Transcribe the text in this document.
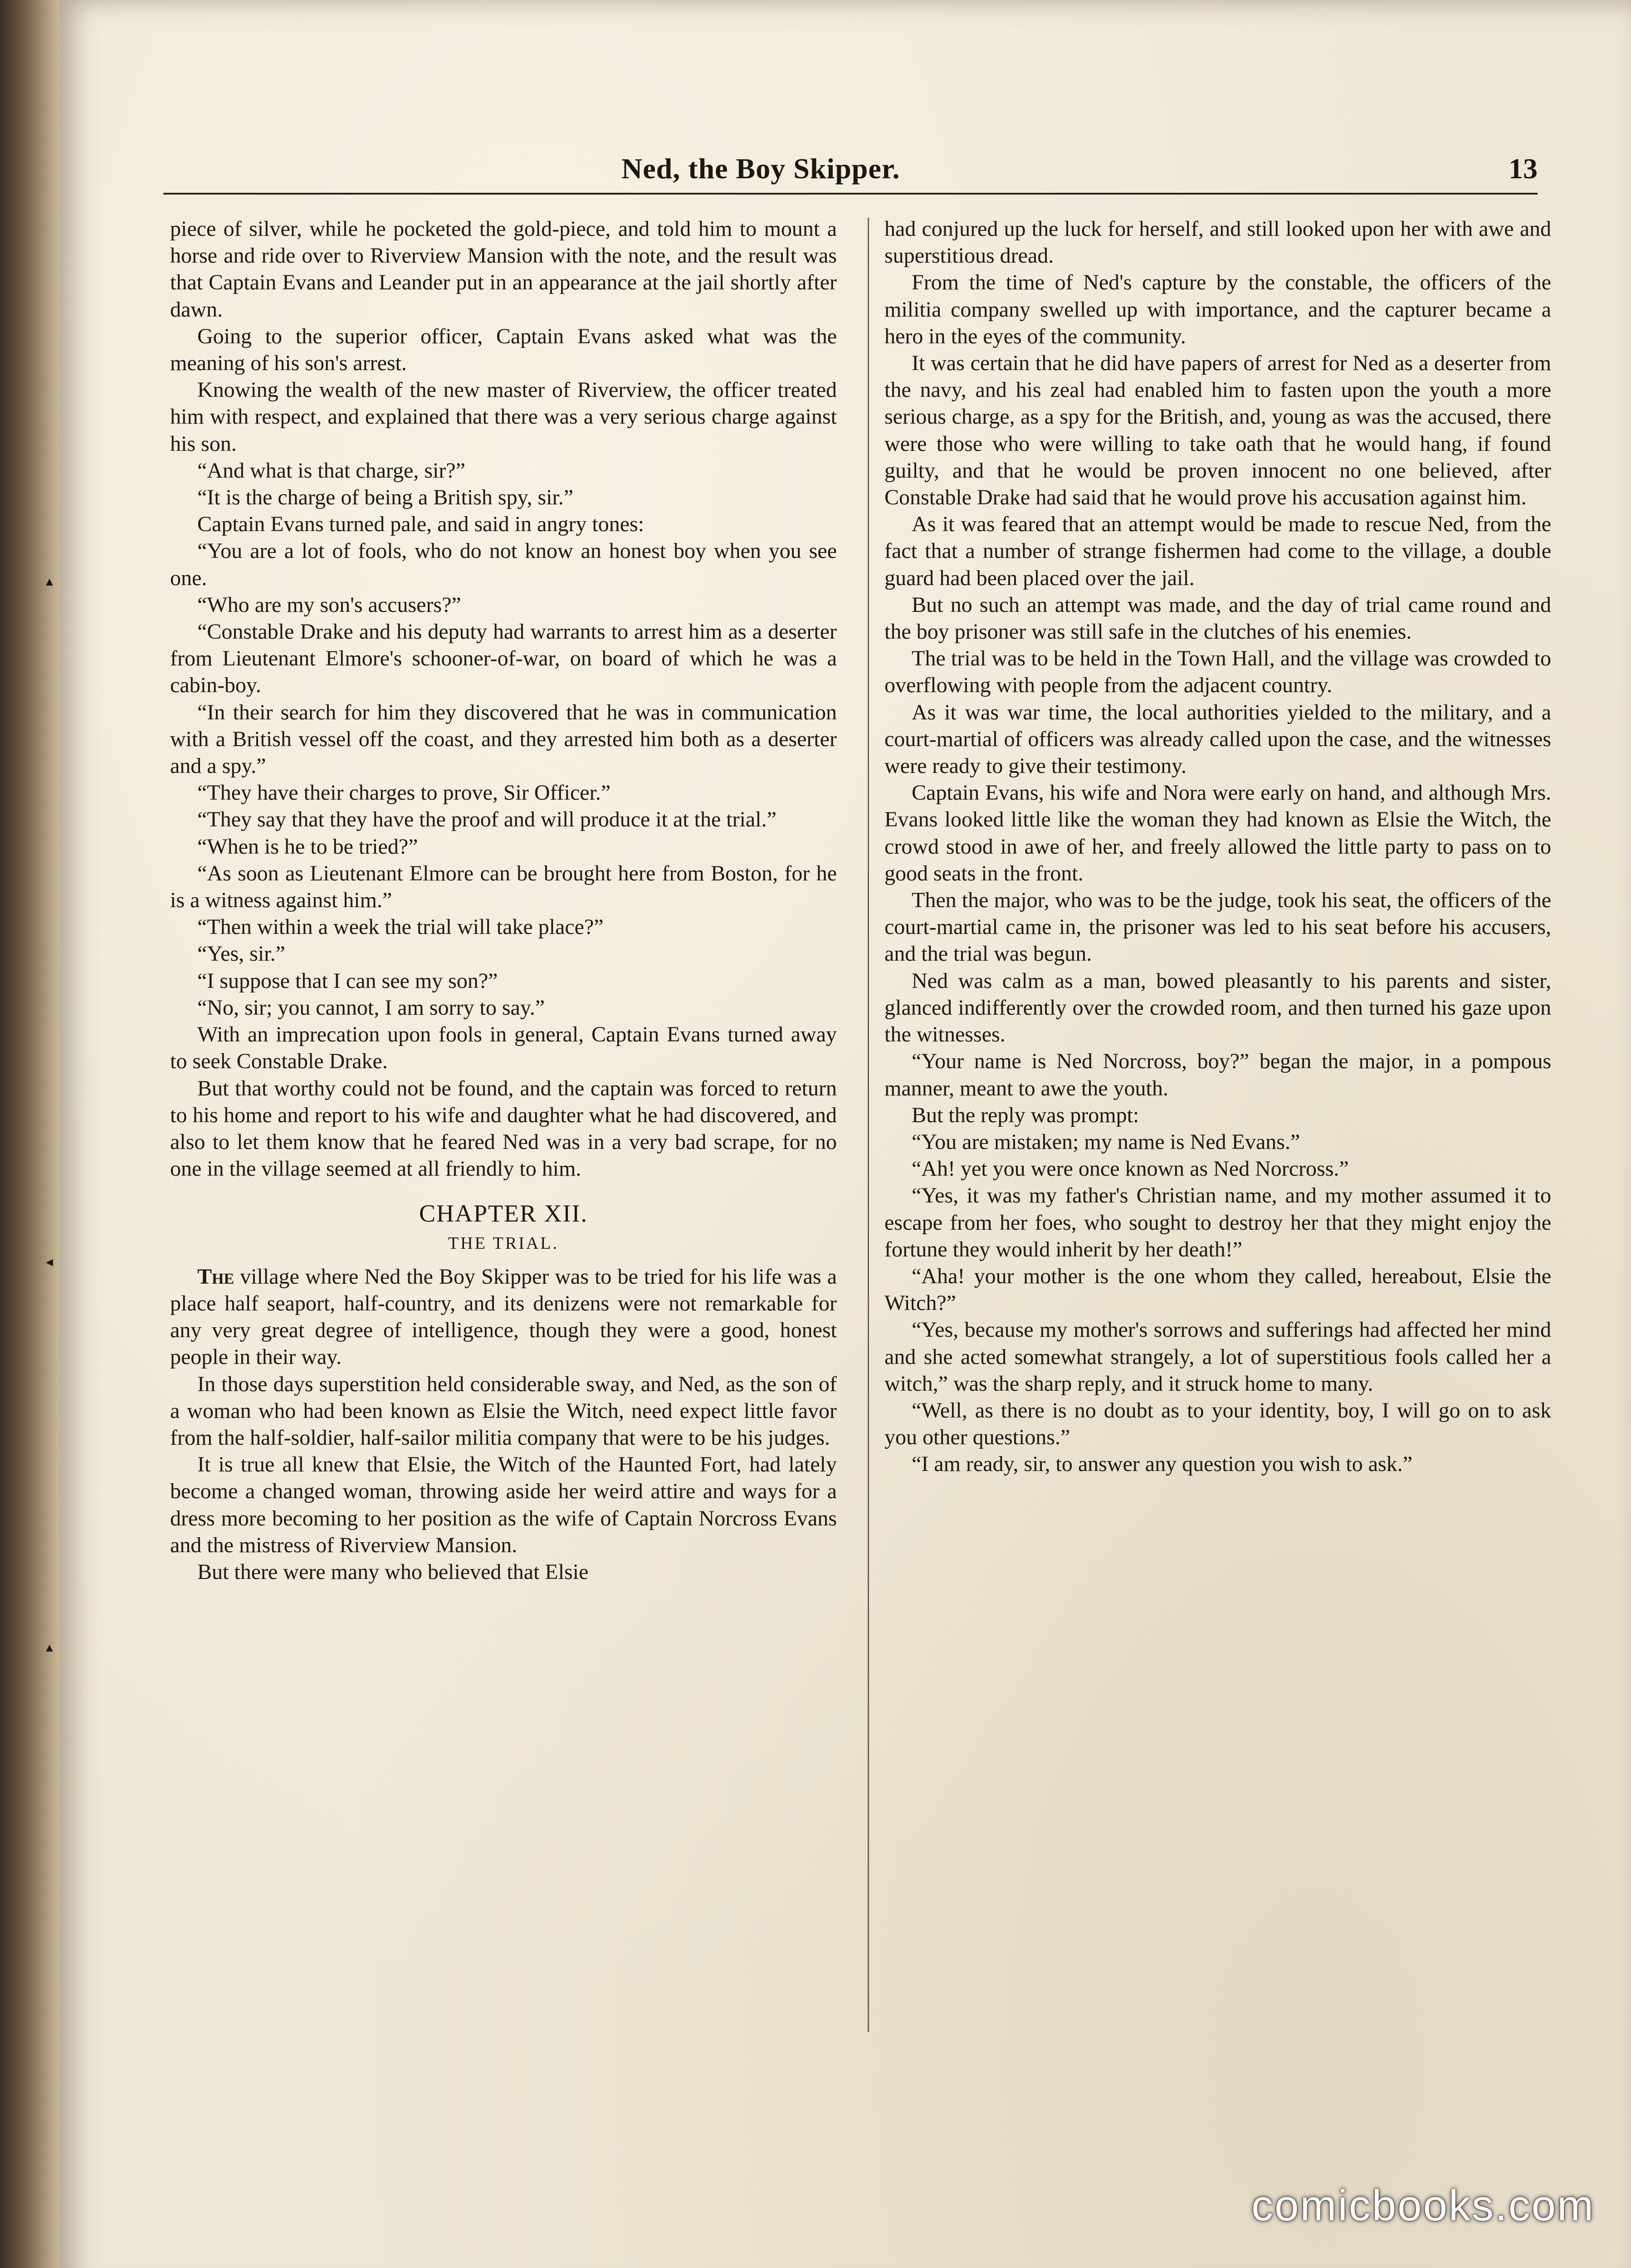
▲
◄
▲
Ned, the Boy Skipper.	13

piece of silver, while he pocketed the gold-piece, and told him to mount a horse and ride over to Riverview Mansion with the note, and the result was that Captain Evans and Leander put in an appearance at the jail shortly after dawn.

Going to the superior officer, Captain Evans asked what was the meaning of his son's arrest.

Knowing the wealth of the new master of Riverview, the officer treated him with respect, and explained that there was a very serious charge against his son.

“And what is that charge, sir?”

“It is the charge of being a British spy, sir.”

Captain Evans turned pale, and said in angry tones:

“You are a lot of fools, who do not know an honest boy when you see one.

“Who are my son's accusers?”

“Constable Drake and his deputy had warrants to arrest him as a deserter from Lieutenant Elmore's schooner-of-war, on board of which he was a cabin-boy.

“In their search for him they discovered that he was in communication with a British vessel off the coast, and they arrested him both as a deserter and a spy.”

“They have their charges to prove, Sir Officer.”

“They say that they have the proof and will produce it at the trial.”

“When is he to be tried?”

“As soon as Lieutenant Elmore can be brought here from Boston, for he is a witness against him.”

“Then within a week the trial will take place?”

“Yes, sir.”

“I suppose that I can see my son?”

“No, sir; you cannot, I am sorry to say.”

With an imprecation upon fools in general, Captain Evans turned away to seek Constable Drake.

But that worthy could not be found, and the captain was forced to return to his home and report to his wife and daughter what he had discovered, and also to let them know that he feared Ned was in a very bad scrape, for no one in the village seemed at all friendly to him.

CHAPTER XII.
THE TRIAL.

The village where Ned the Boy Skipper was to be tried for his life was a place half seaport, half-country, and its denizens were not remarkable for any very great degree of intelligence, though they were a good, honest people in their way.

In those days superstition held considerable sway, and Ned, as the son of a woman who had been known as Elsie the Witch, need expect little favor from the half-soldier, half-sailor militia company that were to be his judges.

It is true all knew that Elsie, the Witch of the Haunted Fort, had lately become a changed woman, throwing aside her weird attire and ways for a dress more becoming to her position as the wife of Captain Norcross Evans and the mistress of Riverview Mansion.

But there were many who believed that Elsie

had conjured up the luck for herself, and still looked upon her with awe and superstitious dread.

From the time of Ned's capture by the constable, the officers of the militia company swelled up with importance, and the capturer became a hero in the eyes of the community.

It was certain that he did have papers of arrest for Ned as a deserter from the navy, and his zeal had enabled him to fasten upon the youth a more serious charge, as a spy for the British, and, young as was the accused, there were those who were willing to take oath that he would hang, if found guilty, and that he would be proven innocent no one believed, after Constable Drake had said that he would prove his accusation against him.

As it was feared that an attempt would be made to rescue Ned, from the fact that a number of strange fishermen had come to the village, a double guard had been placed over the jail.

But no such an attempt was made, and the day of trial came round and the boy prisoner was still safe in the clutches of his enemies.

The trial was to be held in the Town Hall, and the village was crowded to overflowing with people from the adjacent country.

As it was war time, the local authorities yielded to the military, and a court-martial of officers was already called upon the case, and the witnesses were ready to give their testimony.

Captain Evans, his wife and Nora were early on hand, and although Mrs. Evans looked little like the woman they had known as Elsie the Witch, the crowd stood in awe of her, and freely allowed the little party to pass on to good seats in the front.

Then the major, who was to be the judge, took his seat, the officers of the court-martial came in, the prisoner was led to his seat before his accusers, and the trial was begun.

Ned was calm as a man, bowed pleasantly to his parents and sister, glanced indifferently over the crowded room, and then turned his gaze upon the witnesses.

“Your name is Ned Norcross, boy?” began the major, in a pompous manner, meant to awe the youth.

But the reply was prompt:

“You are mistaken; my name is Ned Evans.”

“Ah! yet you were once known as Ned Norcross.”

“Yes, it was my father's Christian name, and my mother assumed it to escape from her foes, who sought to destroy her that they might enjoy the fortune they would inherit by her death!”

“Aha! your mother is the one whom they called, hereabout, Elsie the Witch?”

“Yes, because my mother's sorrows and sufferings had affected her mind and she acted somewhat strangely, a lot of superstitious fools called her a witch,” was the sharp reply, and it struck home to many.

“Well, as there is no doubt as to your identity, boy, I will go on to ask you other questions.”

“I am ready, sir, to answer any question you wish to ask.”

comicbooks.com
